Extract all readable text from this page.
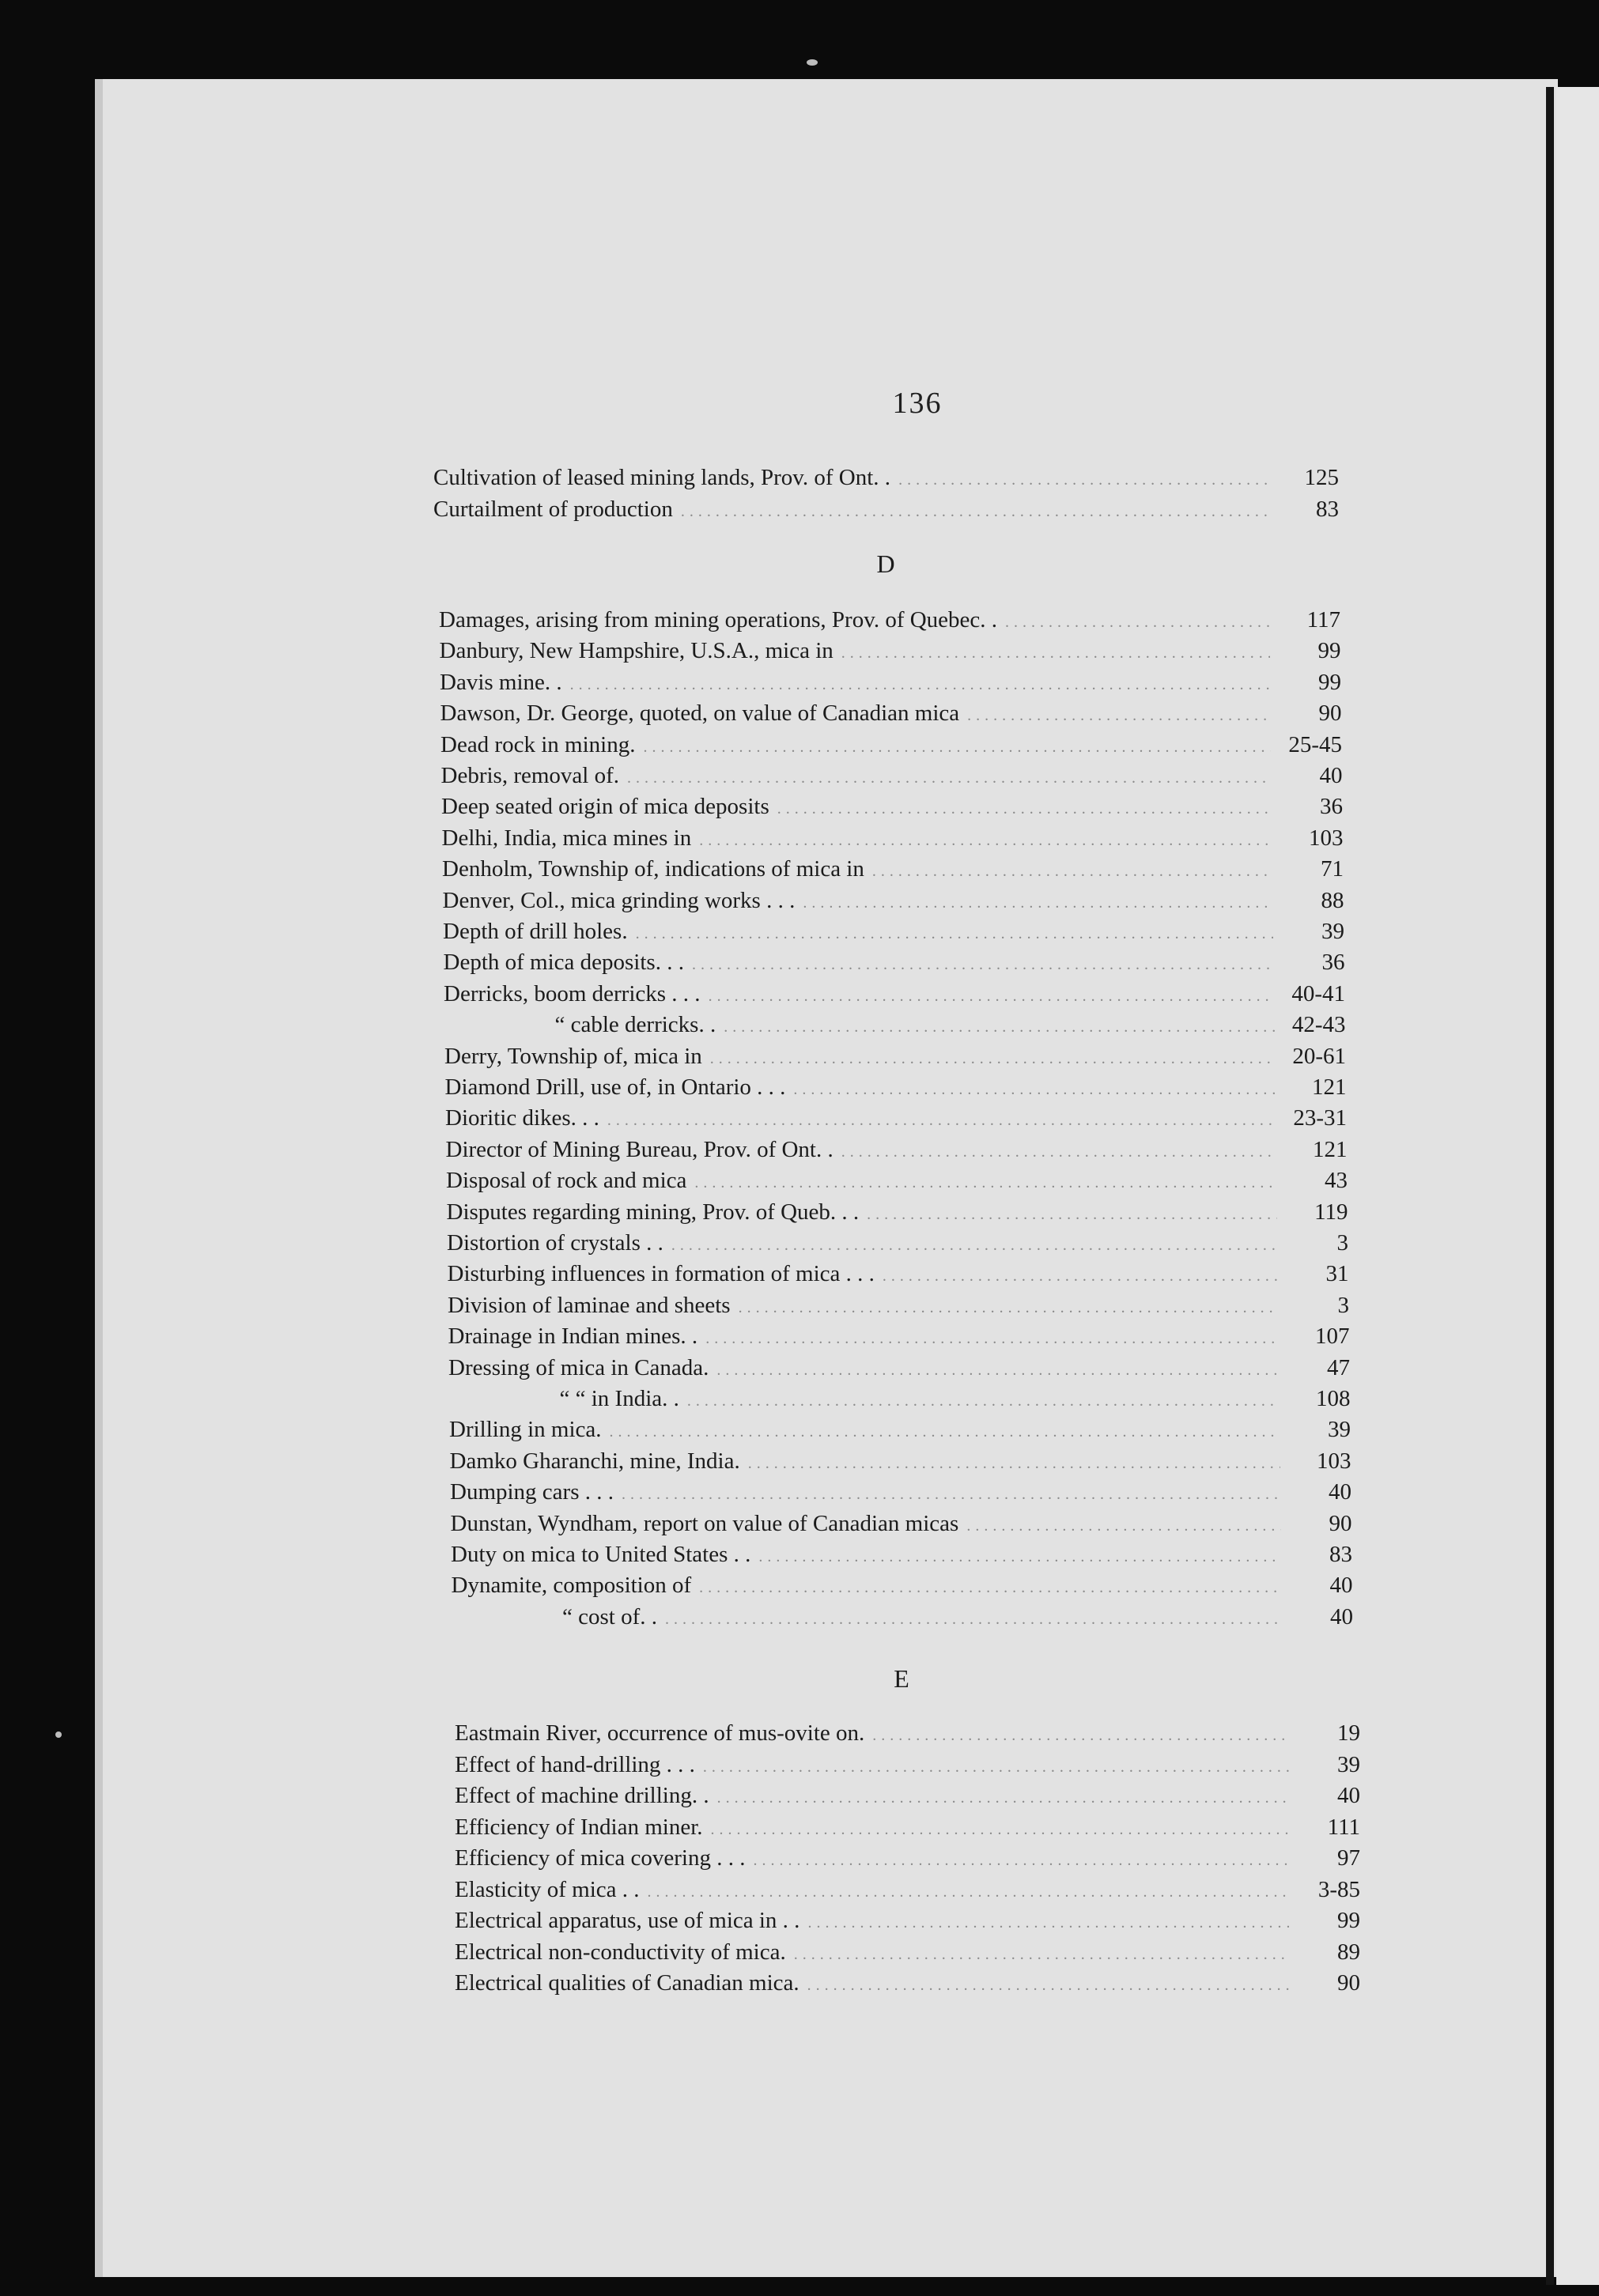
136
Cultivation of leased mining lands, Prov. of Ont. . .....	125
Curtailment of production .....	83
D
Damages, arising from mining operations, Prov. of Quebec. . .....	117
Danbury, New Hampshire, U.S.A., mica in .....	99
Davis mine. . .....	99
Dawson, Dr. George, quoted, on value of Canadian mica .....	90
Dead rock in mining. .....	25-45
Debris, removal of. .....	40
Deep seated origin of mica deposits .....	36
Delhi, India, mica mines in .....	103
Denholm, Township of, indications of mica in .....	71
Denver, Col., mica grinding works . . . .....	88
Depth of drill holes. .....	39
Depth of mica deposits. . . .....	36
Derricks, boom derricks . . . .....	40-41
“ cable derricks. . .....	42-43
Derry, Township of, mica in .....	20-61
Diamond Drill, use of, in Ontario . . . .....	121
Dioritic dikes. . . .....	23-31
Director of Mining Bureau, Prov. of Ont. . .....	121
Disposal of rock and mica .....	43
Disputes regarding mining, Prov. of Queb. . . .....	119
Distortion of crystals . . .....	3
Disturbing influences in formation of mica . . . .....	31
Division of laminae and sheets .....	3
Drainage in Indian mines. . .....	107
Dressing of mica in Canada. .....	47
“ “ in India. . .....	108
Drilling in mica. .....	39
Damko Gharanchi, mine, India. .....	103
Dumping cars . . . .....	40
Dunstan, Wyndham, report on value of Canadian micas .....	90
Duty on mica to United States . . .....	83
Dynamite, composition of .....	40
“ cost of. . .....	40
E
Eastmain River, occurrence of mus-ovite on. .....	19
Effect of hand-drilling . . . .....	39
Effect of machine drilling. . .....	40
Efficiency of Indian miner. .....	111
Efficiency of mica covering . . . .....	97
Elasticity of mica . . .....	3-85
Electrical apparatus, use of mica in . . .....	99
Electrical non-conductivity of mica. .....	89
Electrical qualities of Canadian mica. .....	90
